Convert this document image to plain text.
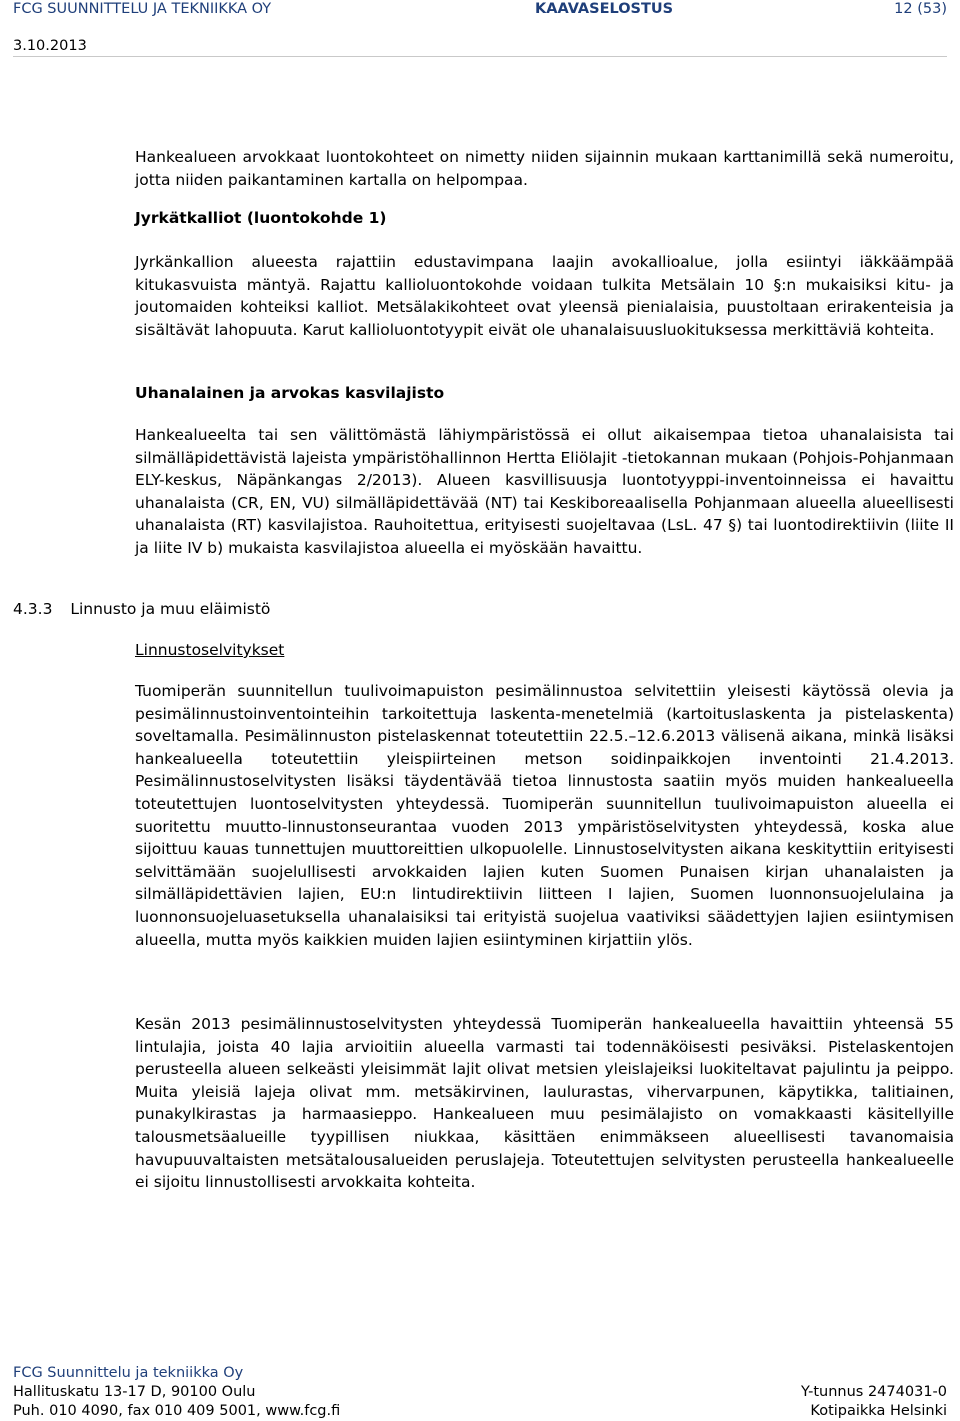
FCG SUUNNITTELU JA TEKNIIKKA OY	KAAVASELOSTUS	12 (53)
3.10.2013

Hankealueen arvokkaat luontokohteet on nimetty niiden sijainnin mukaan karttanimillä sekä numeroitu, jotta niiden paikantaminen kartalla on helpompaa.

Jyrkätkalliot (luontokohde 1)

Jyrkänkallion alueesta rajattiin edustavimpana laajin avokallioalue, jolla esiintyi iäkkäämpää kitukasvuista mäntyä. Rajattu kallioluontokohde voidaan tulkita Metsälain 10 §:n mukaisiksi kitu- ja joutomaiden kohteiksi kalliot. Metsälakikohteet ovat yleensä pienialaisia, puustoltaan erirakenteisia ja sisältävät lahopuuta. Karut kallioluontotyypit eivät ole uhanalaisuusluokituksessa merkittäviä kohteita.

Uhanalainen ja arvokas kasvilajisto

Hankealueelta tai sen välittömästä lähiympäristössä ei ollut aikaisempaa tietoa uhanalaisista tai silmälläpidettävistä lajeista ympäristöhallinnon Hertta Eliölajit -tietokannan mukaan (Pohjois-Pohjanmaan ELY-keskus, Näpänkangas 2/2013). Alueen kasvillisuusja luontotyyppi-inventoinneissa ei havaittu uhanalaista (CR, EN, VU) silmälläpidettävää (NT) tai Keskiboreaalisella Pohjanmaan alueella alueellisesti uhanalaista (RT) kasvilajistoa. Rauhoitettua, erityisesti suojeltavaa (LsL. 47 §) tai luontodirektiivin (liite II ja liite IV b) mukaista kasvilajistoa alueella ei myöskään havaittu.

4.3.3 Linnusto ja muu eläimistö

Linnustoselvitykset

Tuomiperän suunnitellun tuulivoimapuiston pesimälinnustoa selvitettiin yleisesti käytössä olevia ja pesimälinnustoinventointeihin tarkoitettuja laskenta-menetelmiä (kartoituslaskenta ja pistelaskenta) soveltamalla. Pesimälinnuston pistelaskennat toteutettiin 22.5.–12.6.2013 välisenä aikana, minkä lisäksi hankealueella toteutettiin yleispiirteinen metson soidinpaikkojen inventointi 21.4.2013. Pesimälinnustoselvitysten lisäksi täydentävää tietoa linnustosta saatiin myös muiden hankealueella toteutettujen luontoselvitysten yhteydessä. Tuomiperän suunnitellun tuulivoimapuiston alueella ei suoritettu muutto-linnustonseurantaa vuoden 2013 ympäristöselvitysten yhteydessä, koska alue sijoittuu kauas tunnettujen muuttoreittien ulkopuolelle. Linnustoselvitysten aikana keskityttiin erityisesti selvittämään suojelullisesti arvokkaiden lajien kuten Suomen Punaisen kirjan uhanalaisten ja silmälläpidettävien lajien, EU:n lintudirektiivin liitteen I lajien, Suomen luonnonsuojelulaina ja luonnonsuojeluasetuksella uhanalaisiksi tai erityistä suojelua vaativiksi säädettyjen lajien esiintymisen alueella, mutta myös kaikkien muiden lajien esiintyminen kirjattiin ylös.

Kesän 2013 pesimälinnustoselvitysten yhteydessä Tuomiperän hankealueella havaittiin yhteensä 55 lintulajia, joista 40 lajia arvioitiin alueella varmasti tai todennäköisesti pesiväksi. Pistelaskentojen perusteella alueen selkeästi yleisimmät lajit olivat metsien yleislajeiksi luokiteltavat pajulintu ja peippo. Muita yleisiä lajeja olivat mm. metsäkirvinen, laulurastas, vihervarpunen, käpytikka, talitiainen, punakylkirastas ja harmaasieppo. Hankealueen muu pesimälajisto on vomakkaasti käsitellyille talousmetsäalueille tyypillisen niukkaa, käsittäen enimmäkseen alueellisesti tavanomaisia havupuuvaltaisten metsätalousalueiden peruslajeja. Toteutettujen selvitysten perusteella hankealueelle ei sijoitu linnustollisesti arvokkaita kohteita.

FCG Suunnittelu ja tekniikka Oy
Hallituskatu 13-17 D, 90100 Oulu	Y-tunnus 2474031-0
Puh. 010 4090, fax 010 409 5001, www.fcg.fi	Kotipaikka Helsinki
